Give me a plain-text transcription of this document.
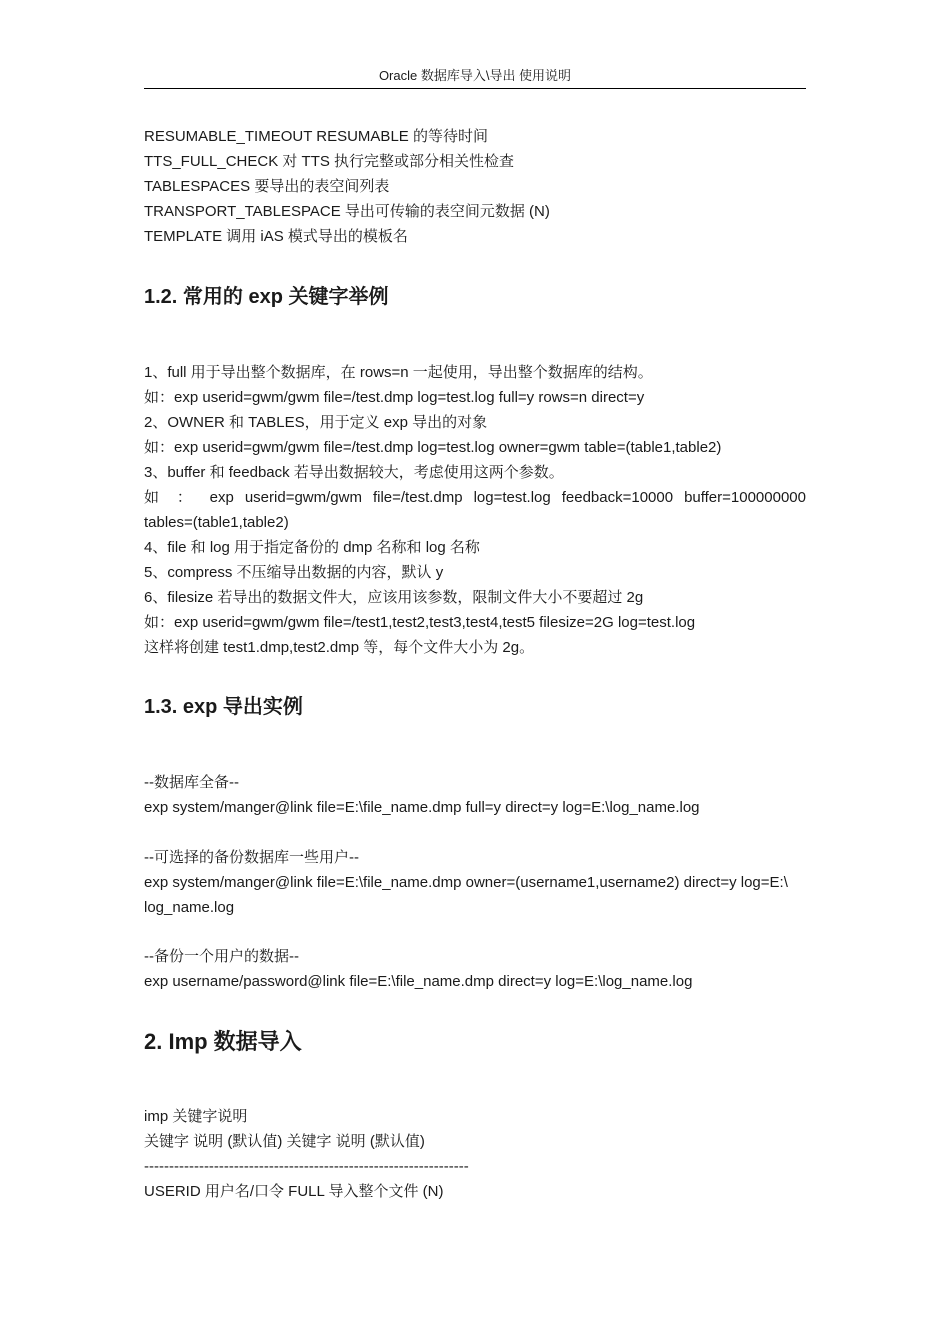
Oracle 数据库导入\导出 使用说明
RESUMABLE_TIMEOUT RESUMABLE 的等待时间
TTS_FULL_CHECK 对 TTS 执行完整或部分相关性检查
TABLESPACES 要导出的表空间列表
TRANSPORT_TABLESPACE 导出可传输的表空间元数据 (N)
TEMPLATE 调用 iAS 模式导出的模板名
1.2. 常用的 exp 关键字举例
1、full 用于导出整个数据库，在 rows=n 一起使用，导出整个数据库的结构。
如：exp userid=gwm/gwm file=/test.dmp log=test.log full=y rows=n direct=y
2、OWNER 和 TABLES，用于定义 exp 导出的对象
如：exp userid=gwm/gwm file=/test.dmp log=test.log owner=gwm table=(table1,table2)
3、buffer 和 feedback 若导出数据较大，考虑使用这两个参数。
如 ： exp userid=gwm/gwm file=/test.dmp log=test.log feedback=10000 buffer=100000000
tables=(table1,table2)
4、file 和 log 用于指定备份的 dmp 名称和 log 名称
5、compress 不压缩导出数据的内容，默认 y
6、filesize 若导出的数据文件大，应该用该参数，限制文件大小不要超过 2g
如：exp userid=gwm/gwm file=/test1,test2,test3,test4,test5 filesize=2G log=test.log
这样将创建 test1.dmp,test2.dmp 等，每个文件大小为 2g。
1.3. exp 导出实例
--数据库全备--
exp system/manger@link file=E:\file_name.dmp full=y direct=y log=E:\log_name.log
--可选择的备份数据库一些用户--
exp system/manger@link file=E:\file_name.dmp owner=(username1,username2) direct=y log=E:\
log_name.log
--备份一个用户的数据--
exp username/password@link file=E:\file_name.dmp direct=y log=E:\log_name.log
2. Imp 数据导入
imp 关键字说明
关键字 说明 (默认值) 关键字 说明 (默认值)
-----------------------------------------------------------------
USERID 用户名/口令 FULL 导入整个文件 (N)
